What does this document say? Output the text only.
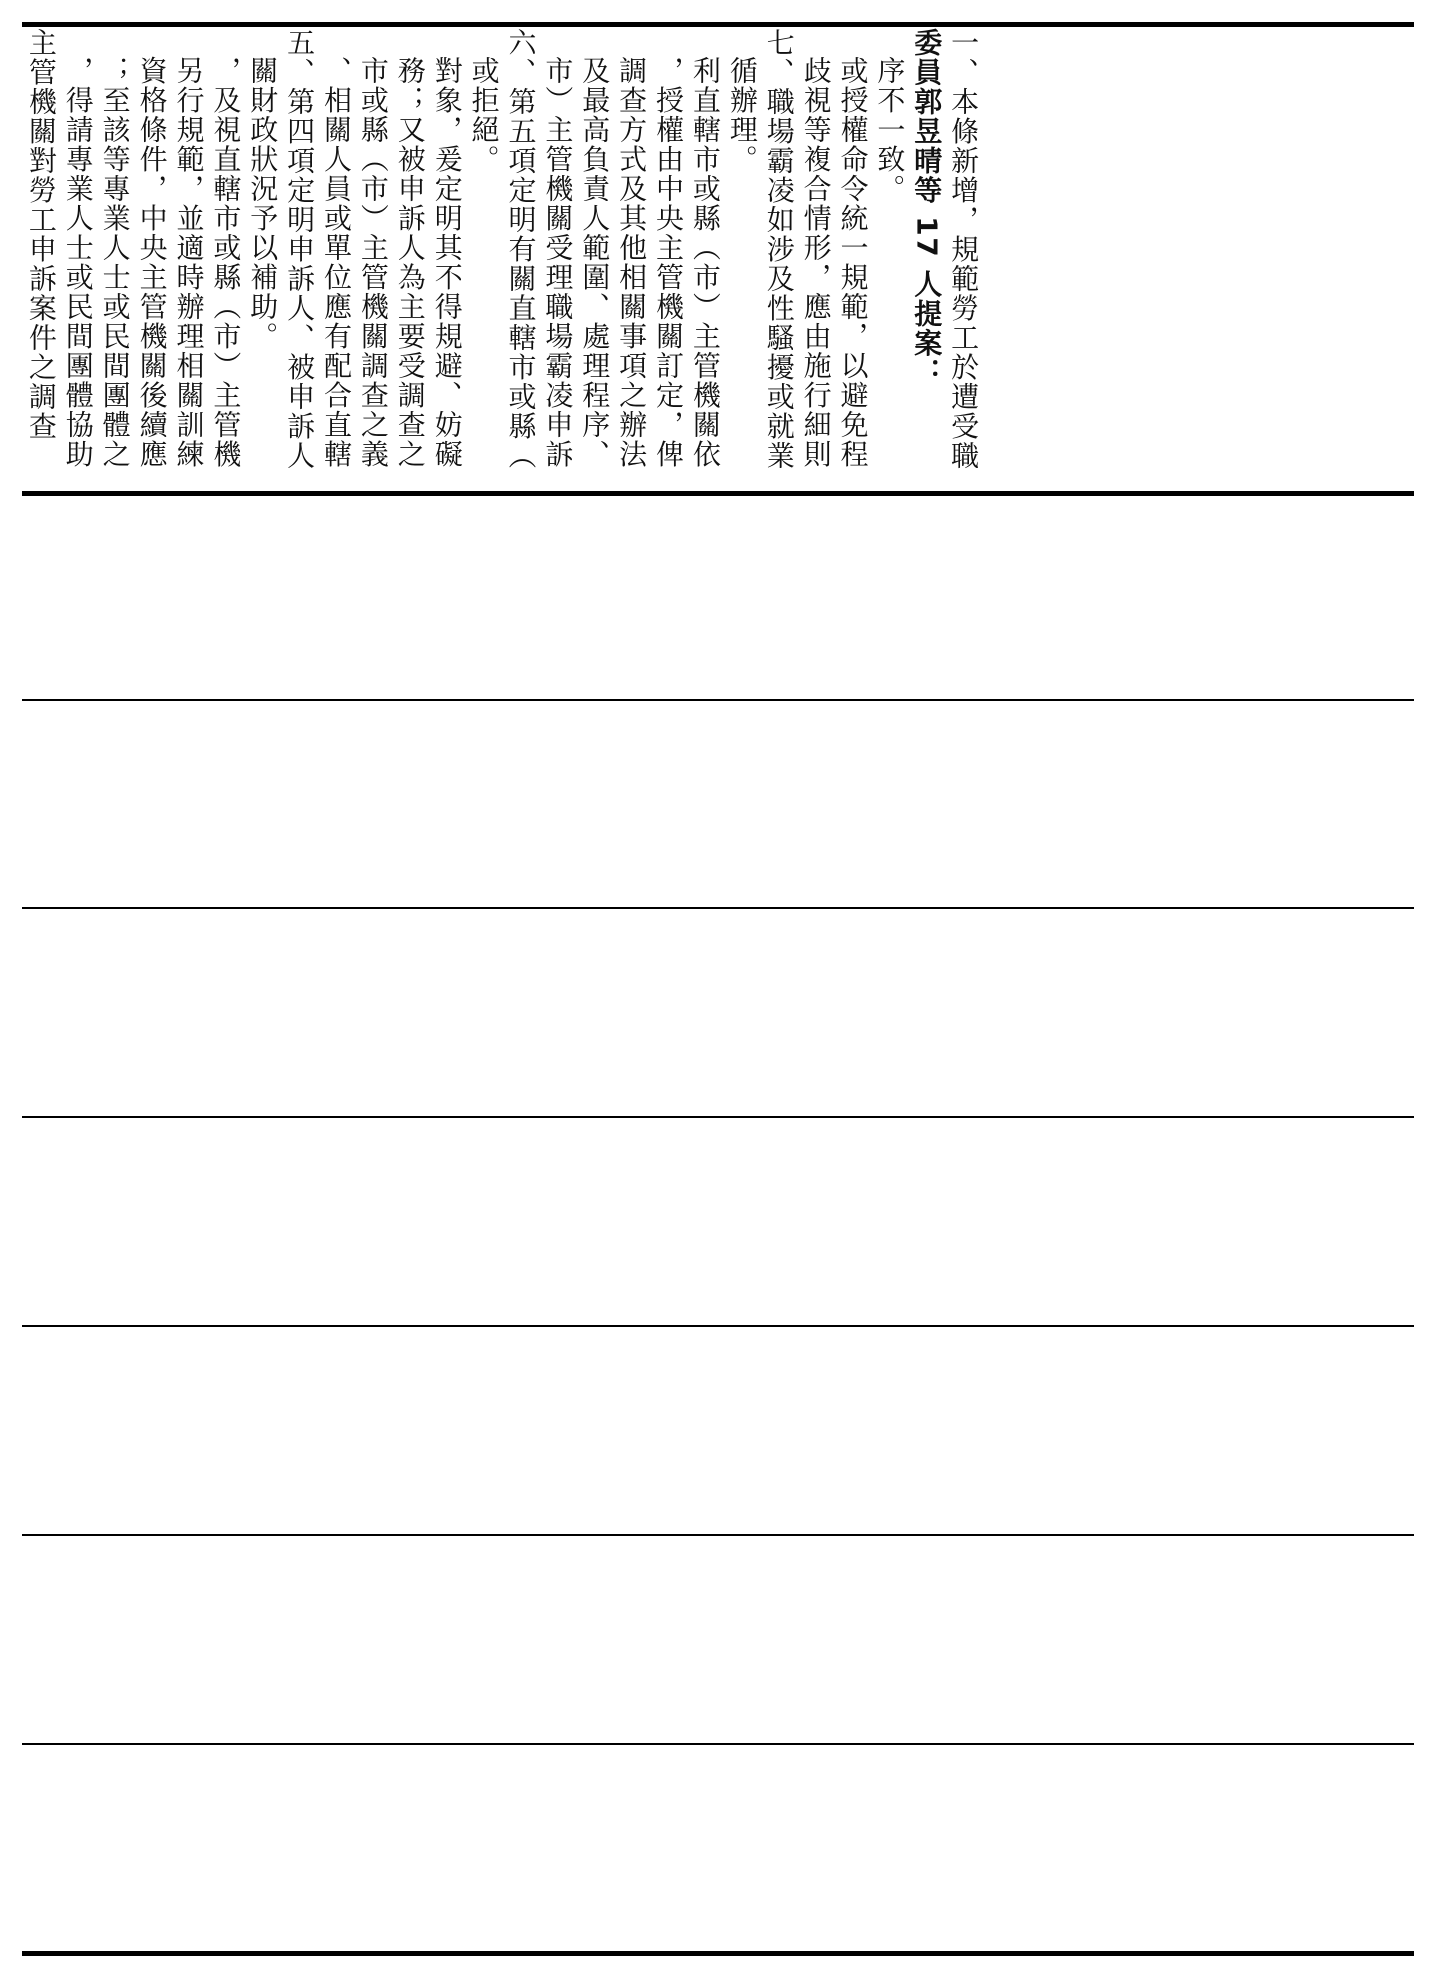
主管機關對勞工申訴案件之調查 ，得請專業人士或民間團體協助 ；至該等專業人士或民間團體之 資格條件，中央主管機關後續應 另行規範，並適時辦理相關訓練 ，及視直轄市或縣（市）主管機 關財政狀況予以補助。 五、第四項定明申訴人、被申訴人 、相關人員或單位應有配合直轄 市或縣（市）主管機關調查之義 務；又被申訴人為主要受調查之 對象，爰定明其不得規避、妨礙 或拒絕。 六、第五項定明有關直轄市或縣（ 市）主管機關受理職場霸凌申訴 及最高負責人範圍、處理程序、 調查方式及其他相關事項之辦法 ，授權由中央主管機關訂定，俾 利直轄市或縣（市）主管機關依 循辦理。 七、職場霸凌如涉及性騷擾或就業 歧視等複合情形，應由施行細則 或授權命令統一規範，以避免程 序不一致。 委員郭昱晴等 17 人提案： 一、本條新增，規範勞工於遭受職
